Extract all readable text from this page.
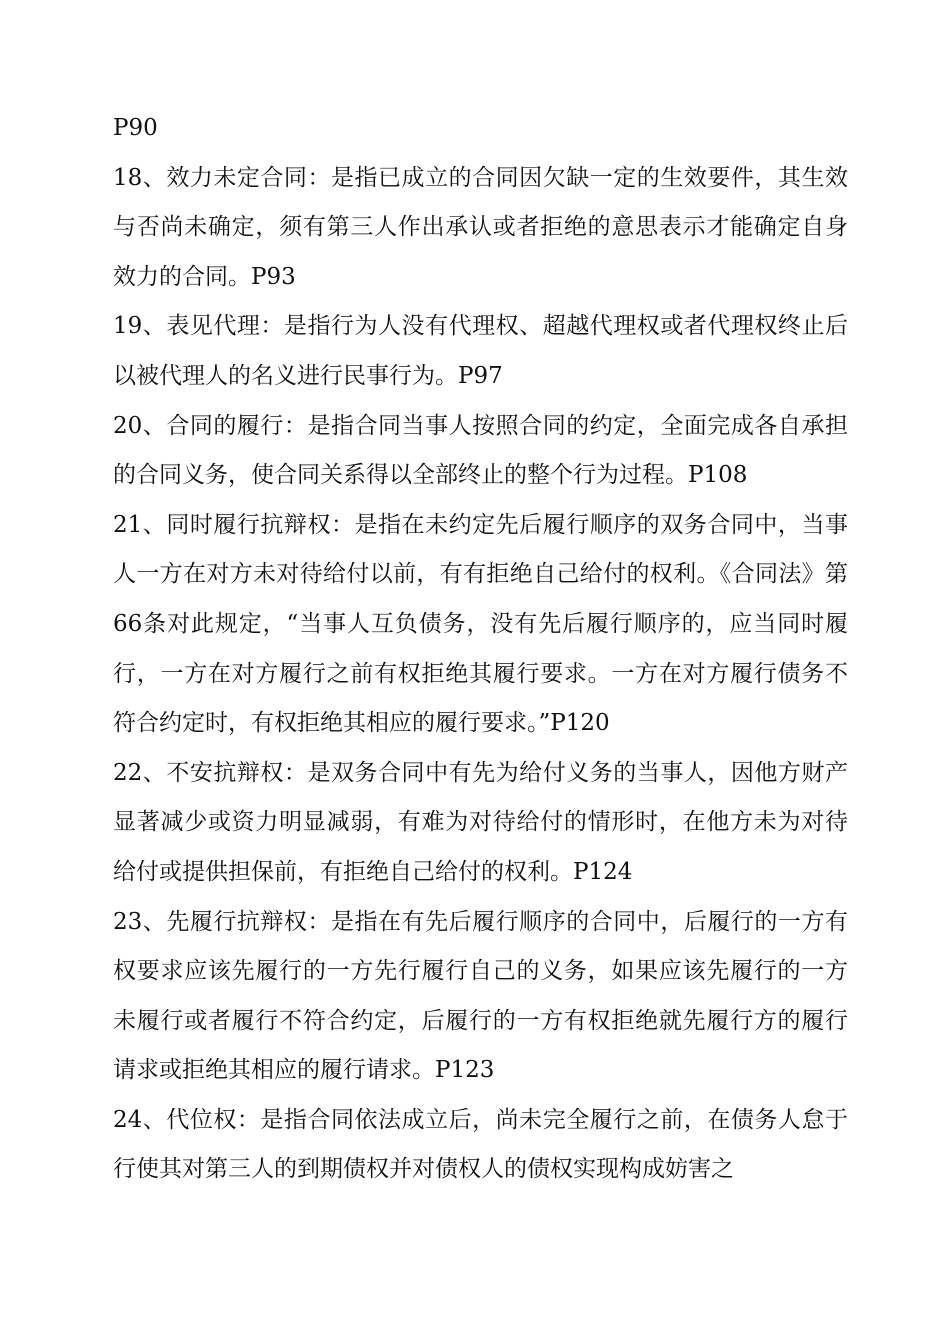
P90

18、效力未定合同：是指已成立的合同因欠缺一定的生效要件，其生效与否尚未确定，须有第三人作出承认或者拒绝的意思表示才能确定自身效力的合同。P93

19、表见代理：是指行为人没有代理权、超越代理权或者代理权终止后以被代理人的名义进行民事行为。P97

20、合同的履行：是指合同当事人按照合同的约定，全面完成各自承担的合同义务，使合同关系得以全部终止的整个行为过程。P108

21、同时履行抗辩权：是指在未约定先后履行顺序的双务合同中，当事人一方在对方未对待给付以前，有有拒绝自己给付的权利。《合同法》第66条对此规定，“当事人互负债务，没有先后履行顺序的，应当同时履行，一方在对方履行之前有权拒绝其履行要求。一方在对方履行债务不符合约定时，有权拒绝其相应的履行要求。”P120

22、不安抗辩权：是双务合同中有先为给付义务的当事人，因他方财产显著减少或资力明显减弱，有难为对待给付的情形时，在他方未为对待给付或提供担保前，有拒绝自己给付的权利。P124

23、先履行抗辩权：是指在有先后履行顺序的合同中，后履行的一方有权要求应该先履行的一方先行履行自己的义务，如果应该先履行的一方未履行或者履行不符合约定，后履行的一方有权拒绝就先履行方的履行请求或拒绝其相应的履行请求。P123

24、代位权：是指合同依法成立后，尚未完全履行之前，在债务人怠于行使其对第三人的到期债权并对债权人的债权实现构成妨害之
